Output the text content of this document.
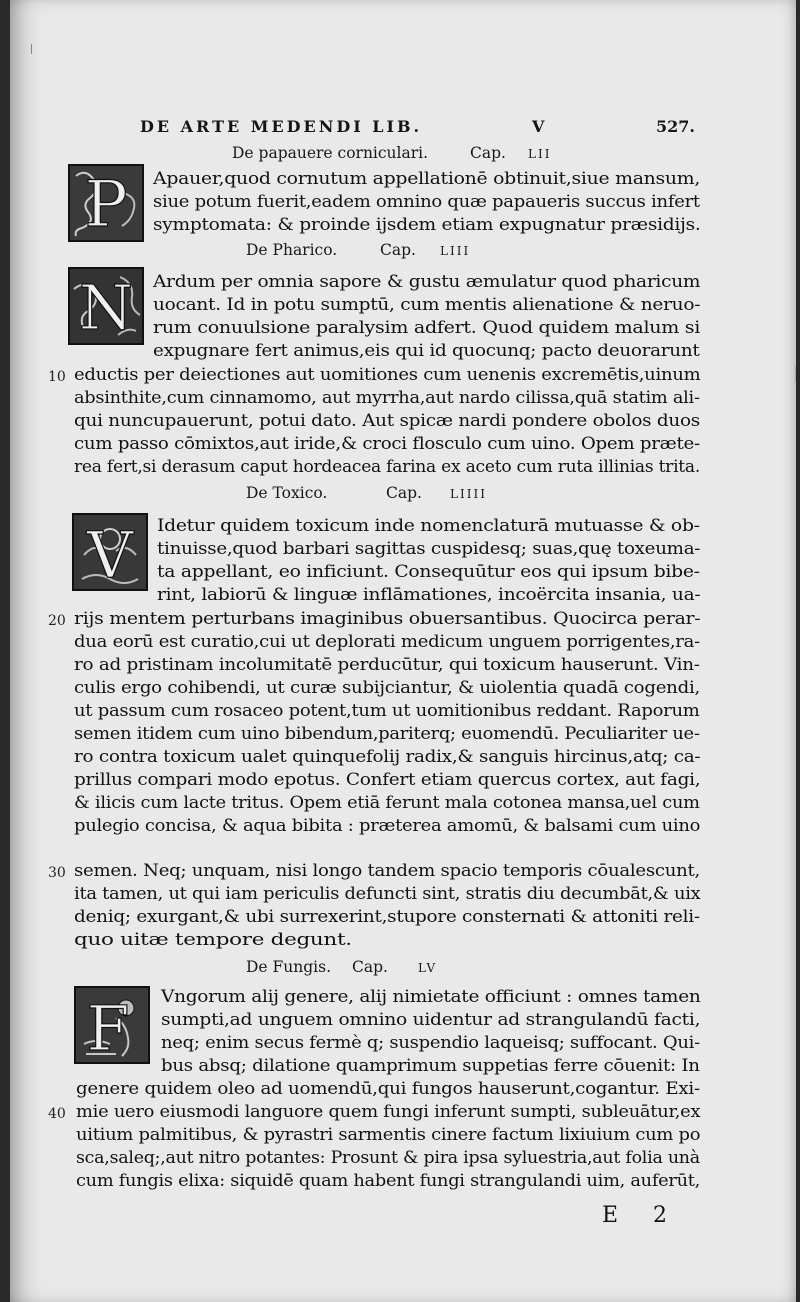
DE ARTE MEDENDI LIB.	V	527.
De papauere corniculari.	Cap. LII
P Apauer,quod cornutum appellationē obtinuit,siue mansum,
siue potum fuerit,eadem omnino quæ papaueris succus infert
symptomata: & proinde ijsdem etiam expugnatur præsidijs.
De Pharico.	Cap. LIII
N Ardum per omnia sapore & gustu æmulatur quod pharicum
uocant. Id in potu sumptū, cum mentis alienatione & neruo-
rum conuulsione paralysim adfert. Quod quidem malum si
expugnare fert animus,eis qui id quocunq; pacto deuorarunt
10 eductis per deiectiones aut uomitiones cum uenenis excremētis,uinum
absinthite,cum cinnamomo, aut myrrha,aut nardo cilissa,quā statim ali-
qui nuncupauerunt, potui dato. Aut spicæ nardi pondere obolos duos
cum passo cōmixtos,aut iride,& croci flosculo cum uino. Opem præte-
rea fert,si derasum caput hordeacea farina ex aceto cum ruta illinias trita.
De Toxico.	Cap. LIIII
V Idetur quidem toxicum inde nomenclaturā mutuasse & ob-
tinuisse,quod barbari sagittas cuspidesq; suas,quę toxeuma-
ta appellant, eo inficiunt. Consequūtur eos qui ipsum bibe-
rint, labiorū & linguæ inflāmationes, incoërcita insania, ua-
20 rijs mentem perturbans imaginibus obuersantibus. Quocirca perar-
dua eorū est curatio,cui ut deplorati medicum unguem porrigentes,ra-
ro ad pristinam incolumitatē perducūtur, qui toxicum hauserunt. Vin-
culis ergo cohibendi, ut curæ subijciantur, & uiolentia quadā cogendi,
ut passum cum rosaceo potent,tum ut uomitionibus reddant. Raporum
semen itidem cum uino bibendum,pariterq; euomendū. Peculiariter ue-
ro contra toxicum ualet quinquefolij radix,& sanguis hircinus,atq; ca-
prillus compari modo epotus. Confert etiam quercus cortex, aut fagi,
& ilicis cum lacte tritus. Opem etiā ferunt mala cotonea mansa,uel cum
pulegio concisa, & aqua bibita : præterea amomū, & balsami cum uino
30 semen. Neq; unquam, nisi longo tandem spacio temporis cōualescunt,
ita tamen, ut qui iam periculis defuncti sint, stratis diu decumbāt,& uix
deniq; exurgant,& ubi surrexerint,stupore consternati & attoniti reli-
quo uitæ tempore degunt.
De Fungis. Cap.	LV
F Vngorum alij genere, alij nimietate officiunt : omnes tamen
sumpti,ad unguem omnino uidentur ad strangulandū facti,
neq; enim secus fermè q; suspendio laqueisq; suffocant. Qui-
bus absq; dilatione quamprimum suppetias ferre cōuenit: In
genere quidem oleo ad uomendū,qui fungos hauserunt,cogantur. Exi-
40 mie uero eiusmodi languore quem fungi inferunt sumpti, subleuātur,ex
uitium palmitibus, & pyrastri sarmentis cinere factum lixiuium cum po
sca,saleq;,aut nitro potantes: Prosunt & pira ipsa syluestria,aut folia unà
cum fungis elixa: siquidē quam habent fungi strangulandi uim, auferūt,
E 2
